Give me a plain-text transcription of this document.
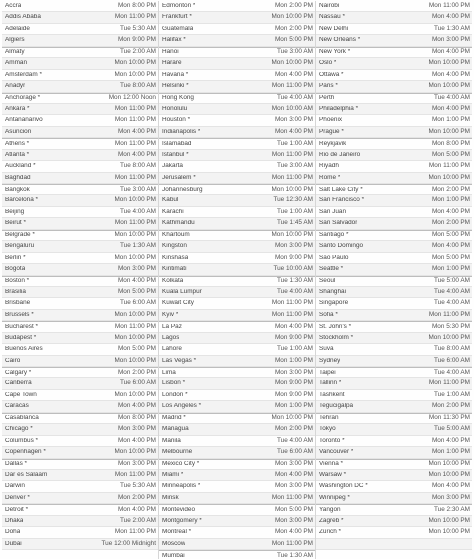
Accra	Mon 8:00 PM
Addis Ababa	Mon 11:00 PM
Adelaide	Tue 5:30 AM
Algiers	Mon 9:00 PM
Almaty	Tue 2:00 AM
Amman	Mon 10:00 PM
Amsterdam *	Mon 10:00 PM
Anadyr	Tue 8:00 AM
Anchorage *	Mon 12:00 Noon
Ankara *	Mon 11:00 PM
Antananarivo	Mon 11:00 PM
Asuncion	Mon 4:00 PM
Athens *	Mon 11:00 PM
Atlanta *	Mon 4:00 PM
Auckland *	Tue 8:00 AM
Baghdad	Mon 11:00 PM
Bangkok	Tue 3:00 AM
Barcelona *	Mon 10:00 PM
Beijing	Tue 4:00 AM
Beirut *	Mon 11:00 PM
Belgrade *	Mon 10:00 PM
Bengaluru	Tue 1:30 AM
Berlin *	Mon 10:00 PM
Bogota	Mon 3:00 PM
Boston *	Mon 4:00 PM
Brasilia	Mon 5:00 PM
Brisbane	Tue 6:00 AM
Brussels *	Mon 10:00 PM
Bucharest *	Mon 11:00 PM
Budapest *	Mon 10:00 PM
Buenos Aires	Mon 5:00 PM
Cairo	Mon 10:00 PM
Calgary *	Mon 2:00 PM
Canberra	Tue 6:00 AM
Cape Town	Mon 10:00 PM
Caracas	Mon 4:00 PM
Casablanca	Mon 8:00 PM
Chicago *	Mon 3:00 PM
Columbus *	Mon 4:00 PM
Copenhagen *	Mon 10:00 PM
Dallas *	Mon 3:00 PM
Dar es Salaam	Mon 11:00 PM
Darwin	Tue 5:30 AM
Denver *	Mon 2:00 PM
Detroit *	Mon 4:00 PM
Dhaka	Tue 2:00 AM
Doha	Mon 11:00 PM
Dubai	Tue 12:00 Midnight
Edmonton *	Mon 2:00 PM
Frankfurt *	Mon 10:00 PM
Guatemala	Mon 2:00 PM
Halifax *	Mon 5:00 PM
Hanoi	Tue 3:00 AM
Harare	Mon 10:00 PM
Havana *	Mon 4:00 PM
Helsinki *	Mon 11:00 PM
Hong Kong	Tue 4:00 AM
Honolulu	Mon 10:00 AM
Houston *	Mon 3:00 PM
Indianapolis *	Mon 4:00 PM
Islamabad	Tue 1:00 AM
Istanbul *	Mon 11:00 PM
Jakarta	Tue 3:00 AM
Jerusalem *	Mon 11:00 PM
Johannesburg	Mon 10:00 PM
Kabul	Tue 12:30 AM
Karachi	Tue 1:00 AM
Kathmandu	Tue 1:45 AM
Khartoum	Mon 10:00 PM
Kingston	Mon 3:00 PM
Kinshasa	Mon 9:00 PM
Kiritimati	Tue 10:00 AM
Kolkata	Tue 1:30 AM
Kuala Lumpur	Tue 4:00 AM
Kuwait City	Mon 11:00 PM
Kyiv *	Mon 11:00 PM
La Paz	Mon 4:00 PM
Lagos	Mon 9:00 PM
Lahore	Tue 1:00 AM
Las Vegas *	Mon 1:00 PM
Lima	Mon 3:00 PM
Lisbon *	Mon 9:00 PM
London *	Mon 9:00 PM
Los Angeles *	Mon 1:00 PM
Madrid *	Mon 10:00 PM
Managua	Mon 2:00 PM
Manila	Tue 4:00 AM
Melbourne	Tue 6:00 AM
Mexico City *	Mon 3:00 PM
Miami *	Mon 4:00 PM
Minneapolis *	Mon 3:00 PM
Minsk	Mon 11:00 PM
Montevideo	Mon 5:00 PM
Montgomery *	Mon 3:00 PM
Montreal *	Mon 4:00 PM
Moscow	Mon 11:00 PM
Mumbai	Tue 1:30 AM
Nairobi	Mon 11:00 PM
Nassau *	Mon 4:00 PM
New Delhi	Tue 1:30 AM
New Orleans *	Mon 3:00 PM
New York *	Mon 4:00 PM
Oslo *	Mon 10:00 PM
Ottawa *	Mon 4:00 PM
Paris *	Mon 10:00 PM
Perth	Tue 4:00 AM
Philadelphia *	Mon 4:00 PM
Phoenix	Mon 1:00 PM
Prague *	Mon 10:00 PM
Reykjavik	Mon 8:00 PM
Rio de Janeiro	Mon 5:00 PM
Riyadh	Mon 11:00 PM
Rome *	Mon 10:00 PM
Salt Lake City *	Mon 2:00 PM
San Francisco *	Mon 1:00 PM
San Juan	Mon 4:00 PM
San Salvador	Mon 2:00 PM
Santiago *	Mon 5:00 PM
Santo Domingo	Mon 4:00 PM
Sao Paulo	Mon 5:00 PM
Seattle *	Mon 1:00 PM
Seoul	Tue 5:00 AM
Shanghai	Tue 4:00 AM
Singapore	Tue 4:00 AM
Sofia *	Mon 11:00 PM
St. John's *	Mon 5:30 PM
Stockholm *	Mon 10:00 PM
Suva	Tue 8:00 AM
Sydney	Tue 6:00 AM
Taipei	Tue 4:00 AM
Tallinn *	Mon 11:00 PM
Tashkent	Tue 1:00 AM
Tegucigalpa	Mon 2:00 PM
Tehran	Mon 11:30 PM
Tokyo	Tue 5:00 AM
Toronto *	Mon 4:00 PM
Vancouver *	Mon 1:00 PM
Vienna *	Mon 10:00 PM
Warsaw *	Mon 10:00 PM
Washington DC *	Mon 4:00 PM
Winnipeg *	Mon 3:00 PM
Yangon	Tue 2:30 AM
Zagreb *	Mon 10:00 PM
Zürich *	Mon 10:00 PM
